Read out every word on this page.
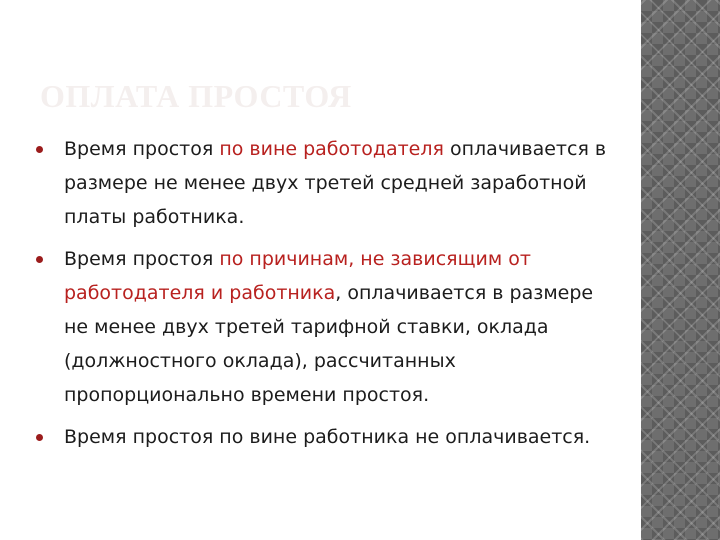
ОПЛАТА ПРОСТОЯ
Время простоя по вине работодателя оплачивается в размере не менее двух третей средней заработной платы работника.
Время простоя по причинам, не зависящим от работодателя и работника, оплачивается в размере не менее двух третей тарифной ставки, оклада (должностного оклада), рассчитанных пропорционально времени простоя.
Время простоя по вине работника не оплачивается.
